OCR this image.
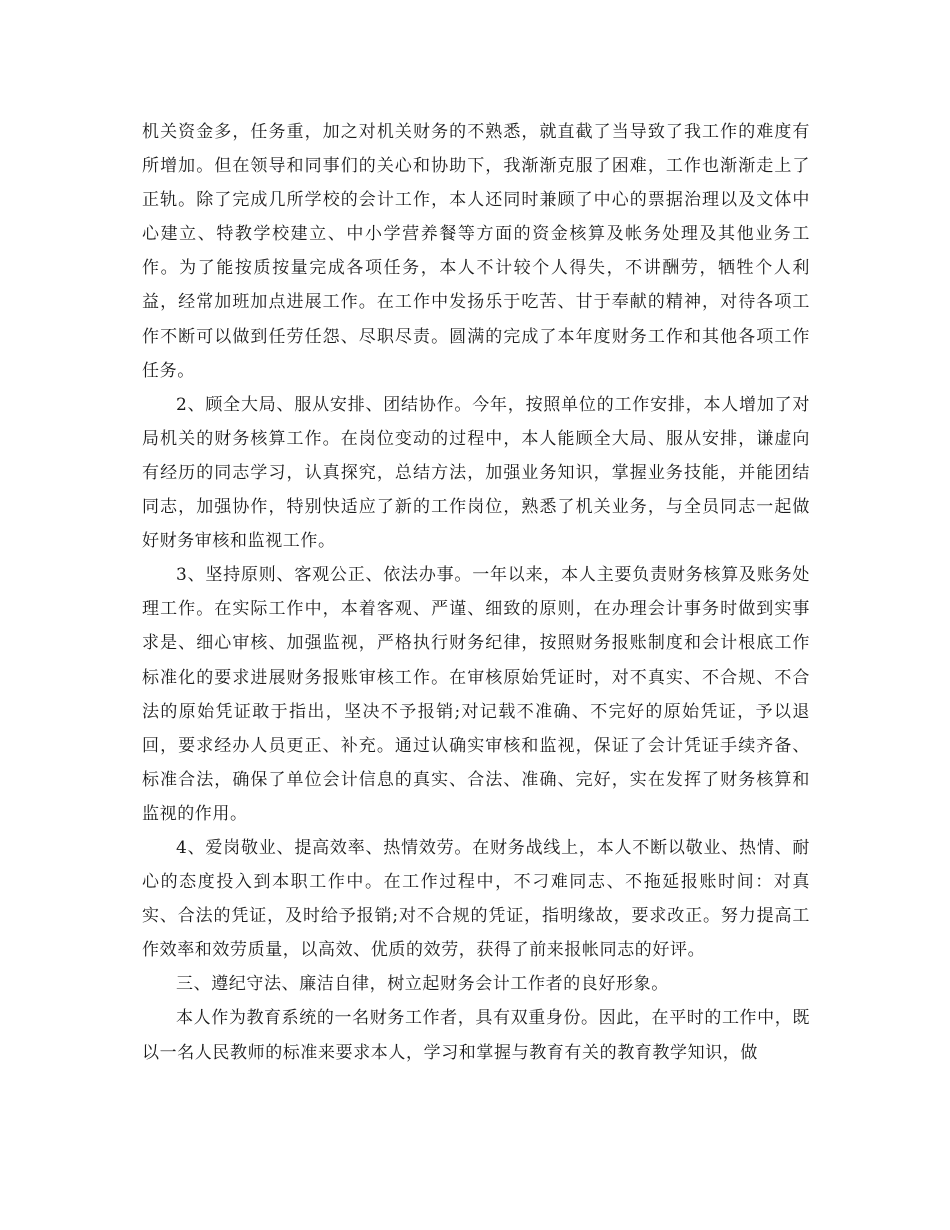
机关资金多，任务重，加之对机关财务的不熟悉，就直截了当导致了我工作的难度有所增加。但在领导和同事们的关心和协助下，我渐渐克服了困难，工作也渐渐走上了正轨。除了完成几所学校的会计工作，本人还同时兼顾了中心的票据治理以及文体中心建立、特教学校建立、中小学营养餐等方面的资金核算及帐务处理及其他业务工作。为了能按质按量完成各项任务，本人不计较个人得失，不讲酬劳，牺牲个人利益，经常加班加点进展工作。在工作中发扬乐于吃苦、甘于奉献的精神，对待各项工作不断可以做到任劳任怨、尽职尽责。圆满的完成了本年度财务工作和其他各项工作任务。

2、顾全大局、服从安排、团结协作。今年，按照单位的工作安排，本人增加了对局机关的财务核算工作。在岗位变动的过程中，本人能顾全大局、服从安排，谦虚向有经历的同志学习，认真探究，总结方法，加强业务知识，掌握业务技能，并能团结同志，加强协作，特别快适应了新的工作岗位，熟悉了机关业务，与全员同志一起做好财务审核和监视工作。

3、坚持原则、客观公正、依法办事。一年以来，本人主要负责财务核算及账务处理工作。在实际工作中，本着客观、严谨、细致的原则，在办理会计事务时做到实事求是、细心审核、加强监视，严格执行财务纪律，按照财务报账制度和会计根底工作标准化的要求进展财务报账审核工作。在审核原始凭证时，对不真实、不合规、不合法的原始凭证敢于指出，坚决不予报销;对记载不准确、不完好的原始凭证，予以退回，要求经办人员更正、补充。通过认确实审核和监视，保证了会计凭证手续齐备、标准合法，确保了单位会计信息的真实、合法、准确、完好，实在发挥了财务核算和监视的作用。

4、爱岗敬业、提高效率、热情效劳。在财务战线上，本人不断以敬业、热情、耐心的态度投入到本职工作中。在工作过程中，不刁难同志、不拖延报账时间：对真实、合法的凭证，及时给予报销;对不合规的凭证，指明缘故，要求改正。努力提高工作效率和效劳质量，以高效、优质的效劳，获得了前来报帐同志的好评。

三、遵纪守法、廉洁自律，树立起财务会计工作者的良好形象。

本人作为教育系统的一名财务工作者，具有双重身份。因此，在平时的工作中，既以一名人民教师的标准来要求本人，学习和掌握与教育有关的教育教学知识，做
